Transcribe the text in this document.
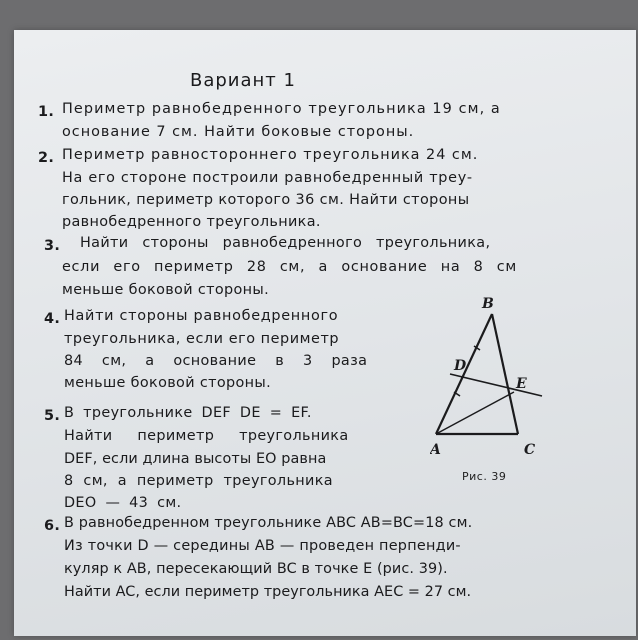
Вариант 1
1. Периметр равнобедренного треугольника 19 см, а
основание 7 см. Найти боковые стороны.
2. Периметр равностороннего треугольника 24 см.
На его стороне построили равнобедренный треу-
гольник, периметр которого 36 см. Найти стороны
равнобедренного треугольника.
3. Найти стороны равнобедренного треугольника,
если его периметр 28 см, а основание на 8 см
меньше боковой стороны.
4. Найти стороны равнобедренного
треугольника, если его периметр
84 см, а основание в 3 раза
меньше боковой стороны.
5. В треугольнике DEF DE = EF.
Найти периметр треугольника
DEF, если длина высоты EO равна
8 см, а периметр треугольника
DEO — 43 см.
B
D
E
A	C
Рис. 39
6. В равнобедренном треугольнике ABC AB=BC=18 см.
Из точки D — середины AB — проведен перпенди-
куляр к AB, пересекающий BC в точке E (рис. 39).
Найти AC, если периметр треугольника AEC = 27 см.
